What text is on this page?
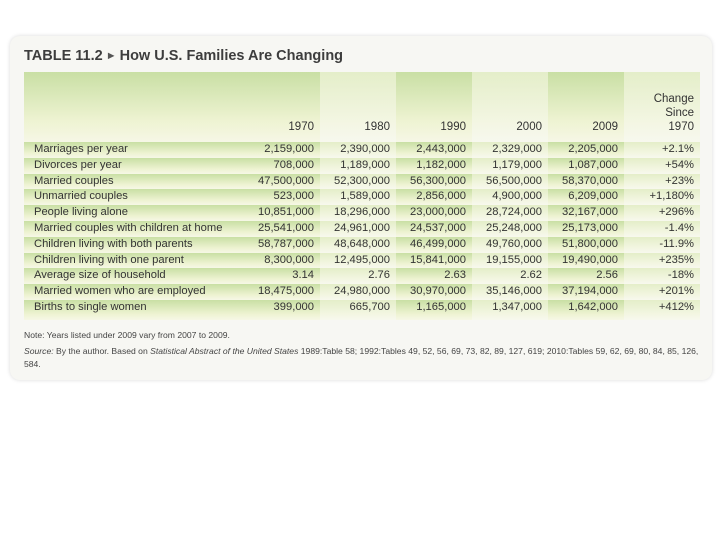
TABLE 11.2 ► How U.S. Families Are Changing
	1970	1980	1990	2000	2009	Change
Since
1970
Marriages per year	2,159,000	2,390,000	2,443,000	2,329,000	2,205,000	+2.1%
Divorces per year	708,000	1,189,000	1,182,000	1,179,000	1,087,000	+54%
Married couples	47,500,000	52,300,000	56,300,000	56,500,000	58,370,000	+23%
Unmarried couples	523,000	1,589,000	2,856,000	4,900,000	6,209,000	+1,180%
People living alone	10,851,000	18,296,000	23,000,000	28,724,000	32,167,000	+296%
Married couples with children at home	25,541,000	24,961,000	24,537,000	25,248,000	25,173,000	-1.4%
Children living with both parents	58,787,000	48,648,000	46,499,000	49,760,000	51,800,000	-11.9%
Children living with one parent	8,300,000	12,495,000	15,841,000	19,155,000	19,490,000	+235%
Average size of household	3.14	2.76	2.63	2.62	2.56	-18%
Married women who are employed	18,475,000	24,980,000	30,970,000	35,146,000	37,194,000	+201%
Births to single women	399,000	665,700	1,165,000	1,347,000	1,642,000	+412%
Note: Years listed under 2009 vary from 2007 to 2009.
Source: By the author. Based on Statistical Abstract of the United States 1989:Table 58; 1992:Tables 49, 52, 56, 69, 73, 82, 89, 127, 619; 2010:Tables 59, 62, 69, 80, 84, 85, 126, 584.
